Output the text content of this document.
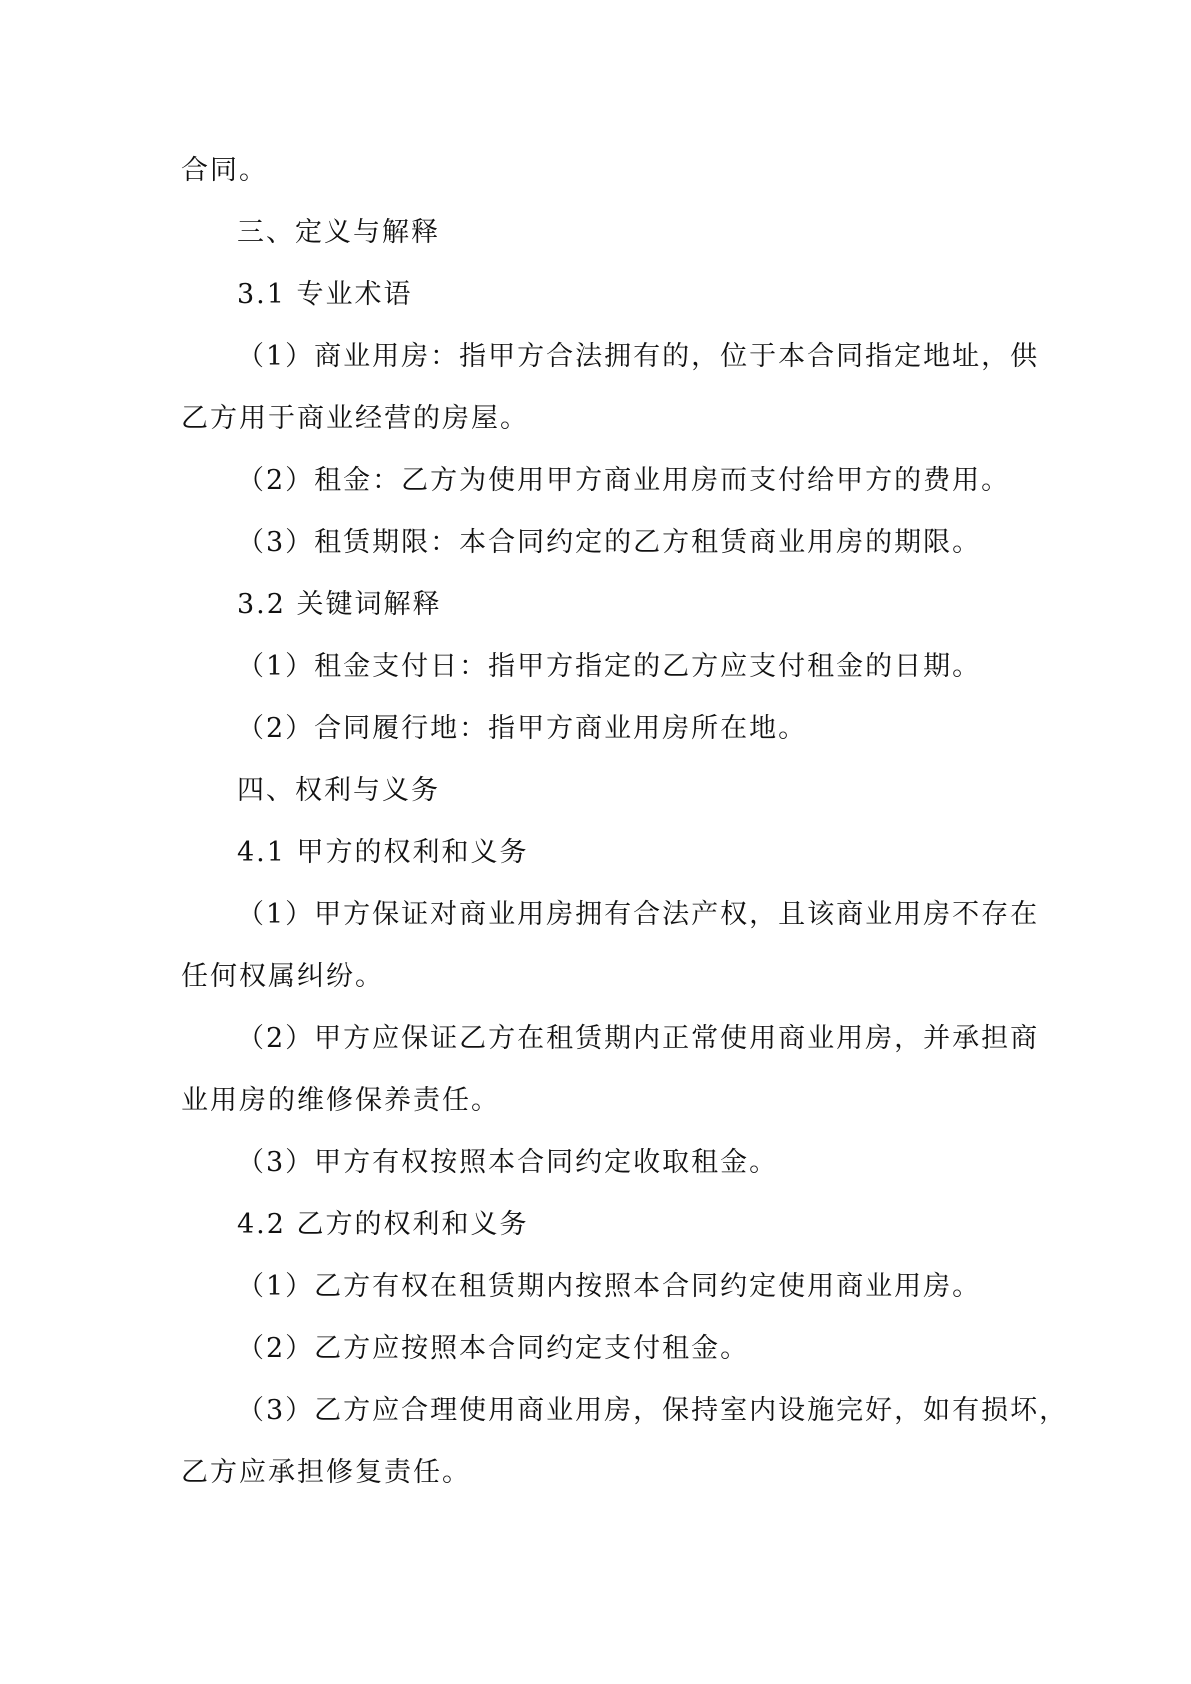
合同。
三、定义与解释
3.1 专业术语
（1）商业用房：指甲方合法拥有的，位于本合同指定地址，供
乙方用于商业经营的房屋。
（2）租金：乙方为使用甲方商业用房而支付给甲方的费用。
（3）租赁期限：本合同约定的乙方租赁商业用房的期限。
3.2 关键词解释
（1）租金支付日：指甲方指定的乙方应支付租金的日期。
（2）合同履行地：指甲方商业用房所在地。
四、权利与义务
4.1 甲方的权利和义务
（1）甲方保证对商业用房拥有合法产权，且该商业用房不存在
任何权属纠纷。
（2）甲方应保证乙方在租赁期内正常使用商业用房，并承担商
业用房的维修保养责任。
（3）甲方有权按照本合同约定收取租金。
4.2 乙方的权利和义务
（1）乙方有权在租赁期内按照本合同约定使用商业用房。
（2）乙方应按照本合同约定支付租金。
（3）乙方应合理使用商业用房，保持室内设施完好，如有损坏，
乙方应承担修复责任。
